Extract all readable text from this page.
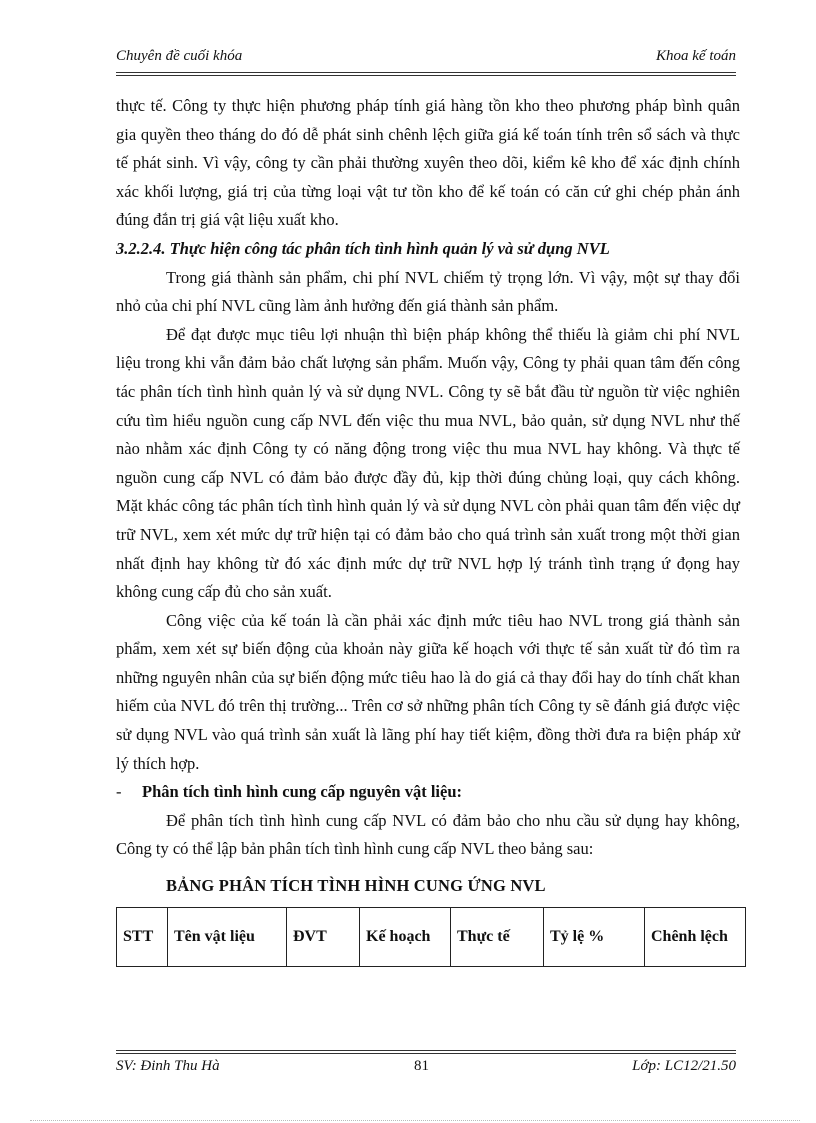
Chuyên đề cuối khóa	Khoa kế toán

thực tế. Công ty thực hiện phương pháp tính giá hàng tồn kho theo phương pháp bình quân gia quyền theo tháng do đó dễ phát sinh chênh lệch giữa giá kế toán tính trên sổ sách và thực tế phát sinh. Vì vậy, công ty cần phải thường xuyên theo dõi, kiểm kê kho để xác định chính xác khối lượng, giá trị của từng loại vật tư tồn kho để kế toán có căn cứ ghi chép phản ánh đúng đắn trị giá vật liệu xuất kho.

3.2.2.4. Thực hiện công tác phân tích tình hình quản lý và sử dụng NVL

Trong giá thành sản phẩm, chi phí NVL chiếm tỷ trọng lớn. Vì vậy, một sự thay đổi nhỏ của chi phí NVL cũng làm ảnh hưởng đến giá thành sản phẩm.

Để đạt được mục tiêu lợi nhuận thì biện pháp không thể thiếu là giảm chi phí NVL liệu trong khi vẫn đảm bảo chất lượng sản phẩm. Muốn vậy, Công ty phải quan tâm đến công tác phân tích tình hình quản lý và sử dụng NVL. Công ty sẽ bắt đầu từ nguồn từ việc nghiên cứu tìm hiểu nguồn cung cấp NVL đến việc thu mua NVL, bảo quản, sử dụng NVL như thế nào nhằm xác định Công ty có năng động trong việc thu mua NVL hay không. Và thực tế nguồn cung cấp NVL có đảm bảo được đầy đủ, kịp thời đúng chủng loại, quy cách không. Mặt khác công tác phân tích tình hình quản lý và sử dụng NVL còn phải quan tâm đến việc dự trữ NVL, xem xét mức dự trữ hiện tại có đảm bảo cho quá trình sản xuất trong một thời gian nhất định hay không từ đó xác định mức dự trữ NVL hợp lý tránh tình trạng ứ đọng hay không cung cấp đủ cho sản xuất.

Công việc của kế toán là cần phải xác định mức tiêu hao NVL trong giá thành sản phẩm, xem xét sự biến động của khoản này giữa kế hoạch với thực tế sản xuất từ đó tìm ra những nguyên nhân của sự biến động mức tiêu hao là do giá cả thay đổi hay do tính chất khan hiếm của NVL đó trên thị trường... Trên cơ sở những phân tích Công ty sẽ đánh giá được việc sử dụng NVL vào quá trình sản xuất là lãng phí hay tiết kiệm, đồng thời đưa ra biện pháp xử lý thích hợp.

-	Phân tích tình hình cung cấp nguyên vật liệu:

Để phân tích tình hình cung cấp NVL có đảm bảo cho nhu cầu sử dụng hay không, Công ty có thể lập bản phân tích tình hình cung cấp NVL theo bảng sau:

BẢNG PHÂN TÍCH TÌNH HÌNH CUNG ỨNG NVL
STT	Tên vật liệu	ĐVT	Kế hoạch	Thực tế	Tỷ lệ %	Chênh lệch
SV: Đinh Thu Hà	81	Lớp: LC12/21.50
